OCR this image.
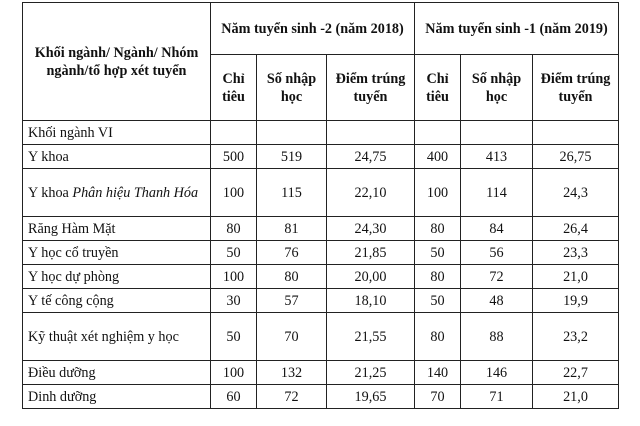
Khối ngành/ Ngành/ Nhóm ngành/tổ hợp xét tuyển	Năm tuyển sinh -2 (năm 2018)			Năm tuyển sinh -1 (năm 2019)		
	Chỉ tiêu	Số nhập học	Điểm trúng tuyển	Chỉ tiêu	Số nhập học	Điểm trúng tuyển
Khối ngành VI						
Y khoa	500	519	24,75	400	413	26,75
Y khoa Phân hiệu Thanh Hóa	100	115	22,10	100	114	24,3
Răng Hàm Mặt	80	81	24,30	80	84	26,4
Y học cổ truyền	50	76	21,85	50	56	23,3
Y học dự phòng	100	80	20,00	80	72	21,0
Y tế công cộng	30	57	18,10	50	48	19,9
Kỹ thuật xét nghiệm y học	50	70	21,55	80	88	23,2
Điều dưỡng	100	132	21,25	140	146	22,7
Dinh dưỡng	60	72	19,65	70	71	21,0
